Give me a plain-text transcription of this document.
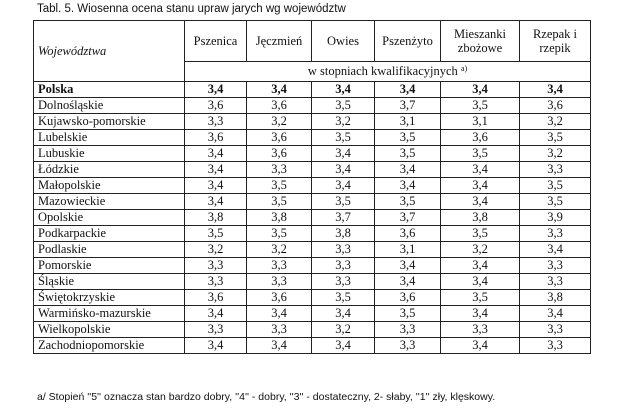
Tabl. 5. Wiosenna ocena stanu upraw jarych wg województw
Województwa	Pszenica	Jęczmień	Owies	Pszenżyto	Mieszanki zbożowe	Rzepak i rzepik
	w stopniach kwalifikacyjnych $^{a)}$
Polska	3,4	3,4	3,4	3,4	3,4	3,4
Dolnośląskie	3,6	3,6	3,5	3,7	3,5	3,6
Kujawsko-pomorskie	3,3	3,2	3,2	3,1	3,1	3,2
Lubelskie	3,6	3,6	3,5	3,5	3,6	3,5
Lubuskie	3,4	3,6	3,4	3,5	3,5	3,2
Łódzkie	3,4	3,3	3,4	3,4	3,4	3,3
Małopolskie	3,4	3,5	3,4	3,4	3,4	3,5
Mazowieckie	3,4	3,5	3,5	3,5	3,4	3,5
Opolskie	3,8	3,8	3,7	3,7	3,8	3,9
Podkarpackie	3,5	3,5	3,8	3,6	3,5	3,3
Podlaskie	3,2	3,2	3,3	3,1	3,2	3,4
Pomorskie	3,3	3,3	3,3	3,4	3,4	3,3
Śląskie	3,3	3,3	3,3	3,4	3,4	3,3
Świętokrzyskie	3,6	3,6	3,5	3,6	3,5	3,8
Warmińsko-mazurskie	3,4	3,4	3,4	3,5	3,4	3,4
Wielkopolskie	3,3	3,3	3,2	3,3	3,3	3,3
Zachodniopomorskie	3,4	3,4	3,4	3,3	3,4	3,3
a/ Stopień ''5'' oznacza stan bardzo dobry, ''4'' - dobry, ''3'' - dostateczny, 2- słaby, ''1'' zły, klęskowy.
